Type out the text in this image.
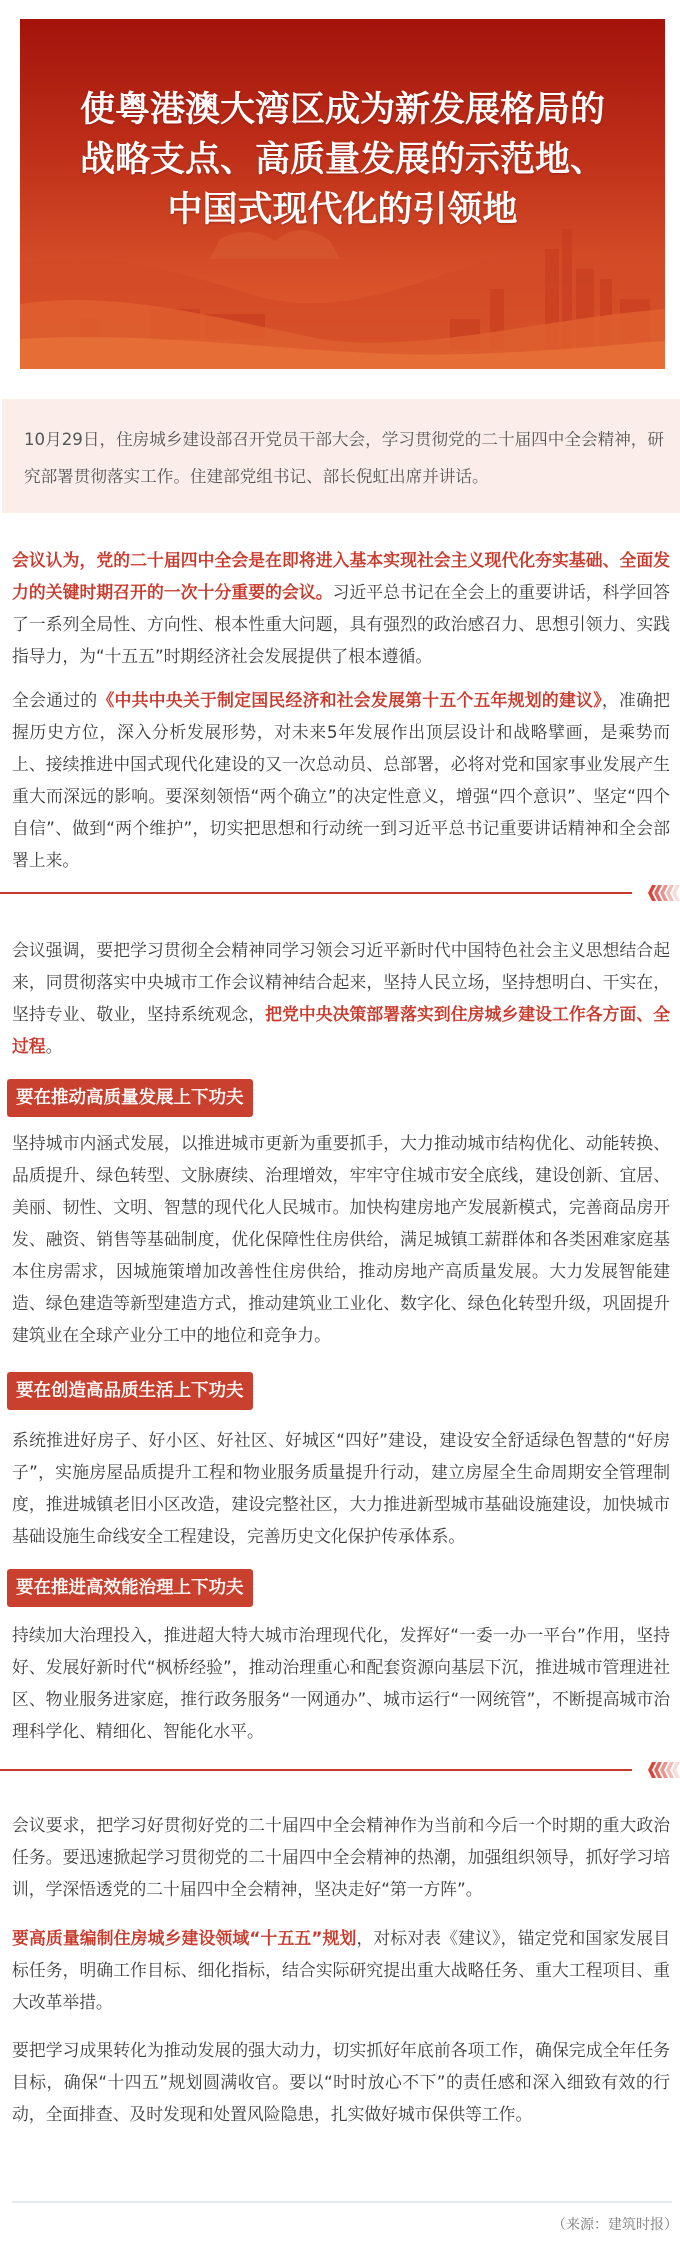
使粤港澳大湾区成为新发展格局的
战略支点、高质量发展的示范地、
中国式现代化的引领地

10月29日，住房城乡建设部召开党员干部大会，学习贯彻党的二十届四中全会精神，研究部署贯彻落实工作。住建部党组书记、部长倪虹出席并讲话。

会议认为，党的二十届四中全会是在即将进入基本实现社会主义现代化夯实基础、全面发力的关键时期召开的一次十分重要的会议。习近平总书记在全会上的重要讲话，科学回答了一系列全局性、方向性、根本性重大问题，具有强烈的政治感召力、思想引领力、实践指导力，为“十五五”时期经济社会发展提供了根本遵循。

全会通过的《中共中央关于制定国民经济和社会发展第十五个五年规划的建议》，准确把握历史方位，深入分析发展形势，对未来5年发展作出顶层设计和战略擘画，是乘势而上、接续推进中国式现代化建设的又一次总动员、总部署，必将对党和国家事业发展产生重大而深远的影响。要深刻领悟“两个确立”的决定性意义，增强“四个意识”、坚定“四个自信”、做到“两个维护”，切实把思想和行动统一到习近平总书记重要讲话精神和全会部署上来。

会议强调，要把学习贯彻全会精神同学习领会习近平新时代中国特色社会主义思想结合起来，同贯彻落实中央城市工作会议精神结合起来，坚持人民立场，坚持想明白、干实在，坚持专业、敬业，坚持系统观念，把党中央决策部署落实到住房城乡建设工作各方面、全过程。

要在推动高质量发展上下功夫

坚持城市内涵式发展，以推进城市更新为重要抓手，大力推动城市结构优化、动能转换、品质提升、绿色转型、文脉赓续、治理增效，牢牢守住城市安全底线，建设创新、宜居、美丽、韧性、文明、智慧的现代化人民城市。加快构建房地产发展新模式，完善商品房开发、融资、销售等基础制度，优化保障性住房供给，满足城镇工薪群体和各类困难家庭基本住房需求，因城施策增加改善性住房供给，推动房地产高质量发展。大力发展智能建造、绿色建造等新型建造方式，推动建筑业工业化、数字化、绿色化转型升级，巩固提升建筑业在全球产业分工中的地位和竞争力。

要在创造高品质生活上下功夫

系统推进好房子、好小区、好社区、好城区“四好”建设，建设安全舒适绿色智慧的“好房子”，实施房屋品质提升工程和物业服务质量提升行动，建立房屋全生命周期安全管理制度，推进城镇老旧小区改造，建设完整社区，大力推进新型城市基础设施建设，加快城市基础设施生命线安全工程建设，完善历史文化保护传承体系。

要在推进高效能治理上下功夫

持续加大治理投入，推进超大特大城市治理现代化，发挥好“一委一办一平台”作用，坚持好、发展好新时代“枫桥经验”，推动治理重心和配套资源向基层下沉，推进城市管理进社区、物业服务进家庭，推行政务服务“一网通办”、城市运行“一网统管”，不断提高城市治理科学化、精细化、智能化水平。

会议要求，把学习好贯彻好党的二十届四中全会精神作为当前和今后一个时期的重大政治任务。要迅速掀起学习贯彻党的二十届四中全会精神的热潮，加强组织领导，抓好学习培训，学深悟透党的二十届四中全会精神，坚决走好“第一方阵”。

要高质量编制住房城乡建设领域“十五五”规划，对标对表《建议》，锚定党和国家发展目标任务，明确工作目标、细化指标，结合实际研究提出重大战略任务、重大工程项目、重大改革举措。

要把学习成果转化为推动发展的强大动力，切实抓好年底前各项工作，确保完成全年任务目标，确保“十四五”规划圆满收官。要以“时时放心不下”的责任感和深入细致有效的行动，全面排查、及时发现和处置风险隐患，扎实做好城市保供等工作。

（来源：建筑时报）
